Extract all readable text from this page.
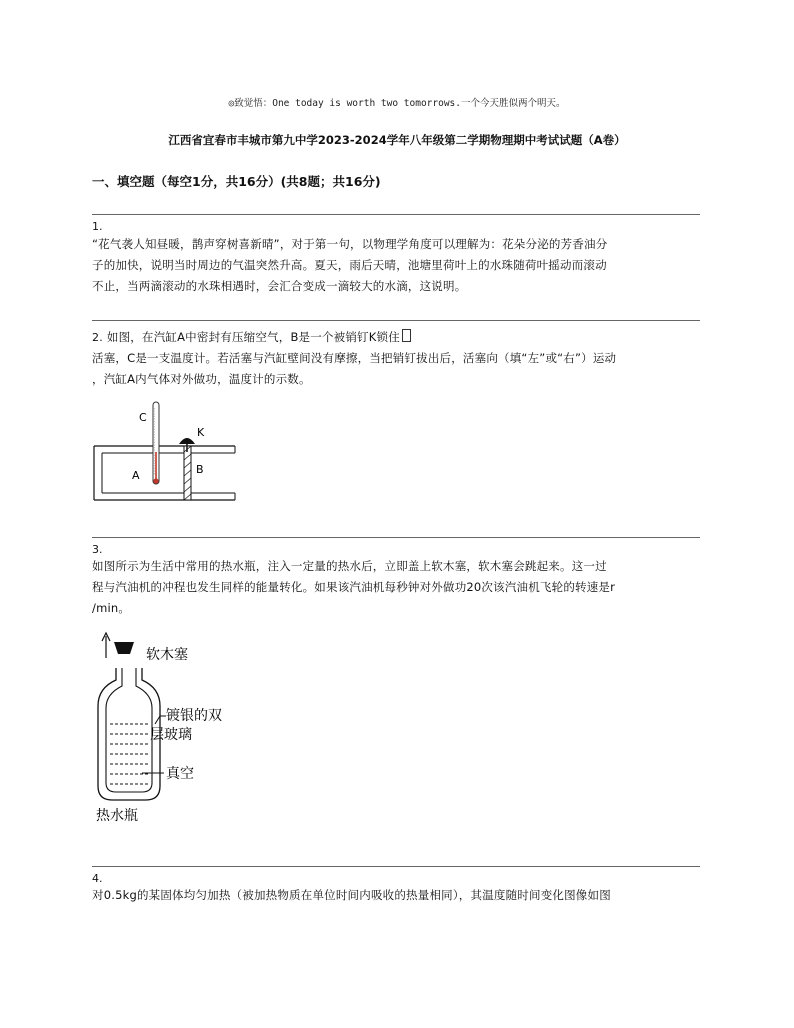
◎致觉悟：One today is worth two tomorrows.一个今天胜似两个明天。
江西省宜春市丰城市第九中学2023-2024学年八年级第二学期物理期中考试试题（A卷）
一、填空题（每空1分，共16分）(共8题；共16分)
1.

“花气袭人知昼暖，鹊声穿树喜新晴”，对于第一句，以物理学角度可以理解为：花朵分泌的芳香油分

子的加快，说明当时周边的气温突然升高。夏天，雨后天晴，池塘里荷叶上的水珠随荷叶摇动而滚动

不止，当两滴滚动的水珠相遇时，会汇合变成一滴较大的水滴，这说明。

2. 如图，在汽缸A中密封有压缩空气，B是一个被销钉K锁住

活塞，C是一支温度计。若活塞与汽缸壁间没有摩擦，当把销钉拔出后，活塞向（填“左”或“右”）运动

，汽缸A内气体对外做功，温度计的示数。

C
K
A	B
3.

如图所示为生活中常用的热水瓶，注入一定量的热水后，立即盖上软木塞，软木塞会跳起来。这一过

程与汽油机的冲程也发生同样的能量转化。如果该汽油机每秒钟对外做功20次该汽油机飞轮的转速是r

/min。

软木塞
镀银的双
层玻璃
真空
热水瓶
4.

对0.5kg的某固体均匀加热（被加热物质在单位时间内吸收的热量相同），其温度随时间变化图像如图
